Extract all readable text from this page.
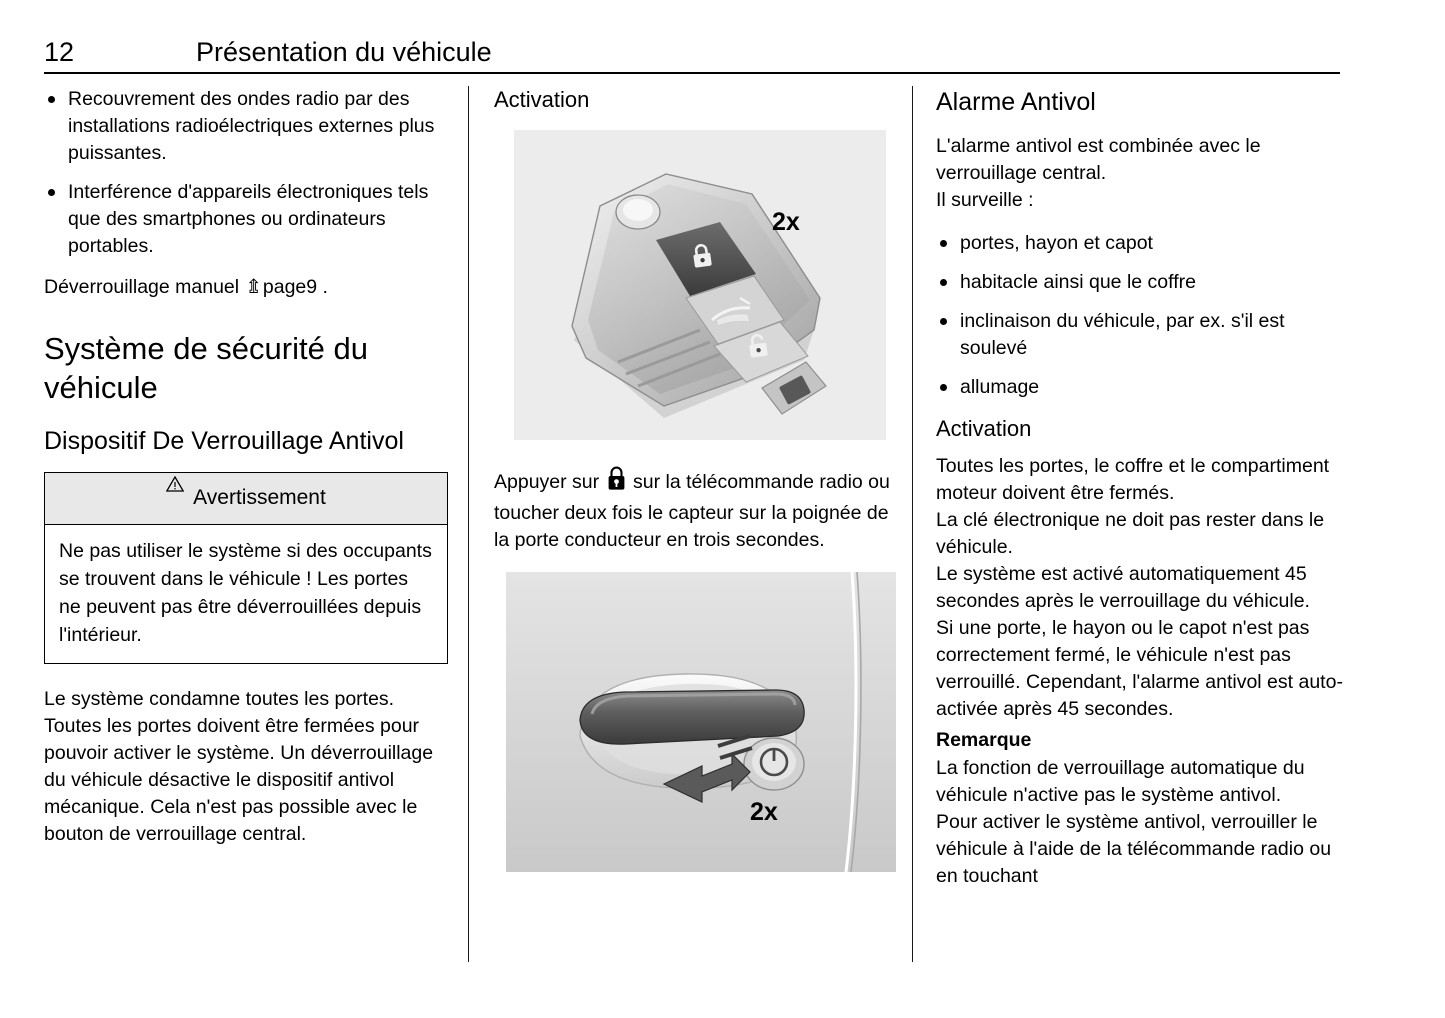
12	Présentation du véhicule
Recouvrement des ondes radio par des installations radioélectriques externes plus puissantes.
Interférence d'appareils électroniques tels que des smartphones ou ordinateurs portables.

Déverrouillage manuel ⇭page9 .

Système de sécurité du véhicule
Dispositif De Verrouillage Antivol
Avertissement
Ne pas utiliser le système si des occupants se trouvent dans le véhicule ! Les portes ne peuvent pas être déverrouillées depuis l'intérieur.

Le système condamne toutes les portes. Toutes les portes doivent être fermées pour pouvoir activer le système. Un déverrouillage du véhicule désactive le dispositif antivol mécanique. Cela n'est pas possible avec le bouton de verrouillage central.

Activation
2x

Appuyer sur  sur la télécommande radio ou toucher deux fois le capteur sur la poignée de la porte conducteur en trois secondes.

2x
Alarme Antivol

L'alarme antivol est combinée avec le verrouillage central.

Il surveille :

portes, hayon et capot
habitacle ainsi que le coffre
inclinaison du véhicule, par ex. s'il est soulevé
allumage
Activation

Toutes les portes, le coffre et le compartiment moteur doivent être fermés.

La clé électronique ne doit pas rester dans le véhicule.

Le système est activé automatiquement 45 secondes après le verrouillage du véhicule.

Si une porte, le hayon ou le capot n'est pas correctement fermé, le véhicule n'est pas verrouillé. Cependant, l'alarme antivol est auto-activée après 45 secondes.

Remarque

La fonction de verrouillage automatique du véhicule n'active pas le système antivol.

Pour activer le système antivol, verrouiller le véhicule à l'aide de la télécommande radio ou en touchant
